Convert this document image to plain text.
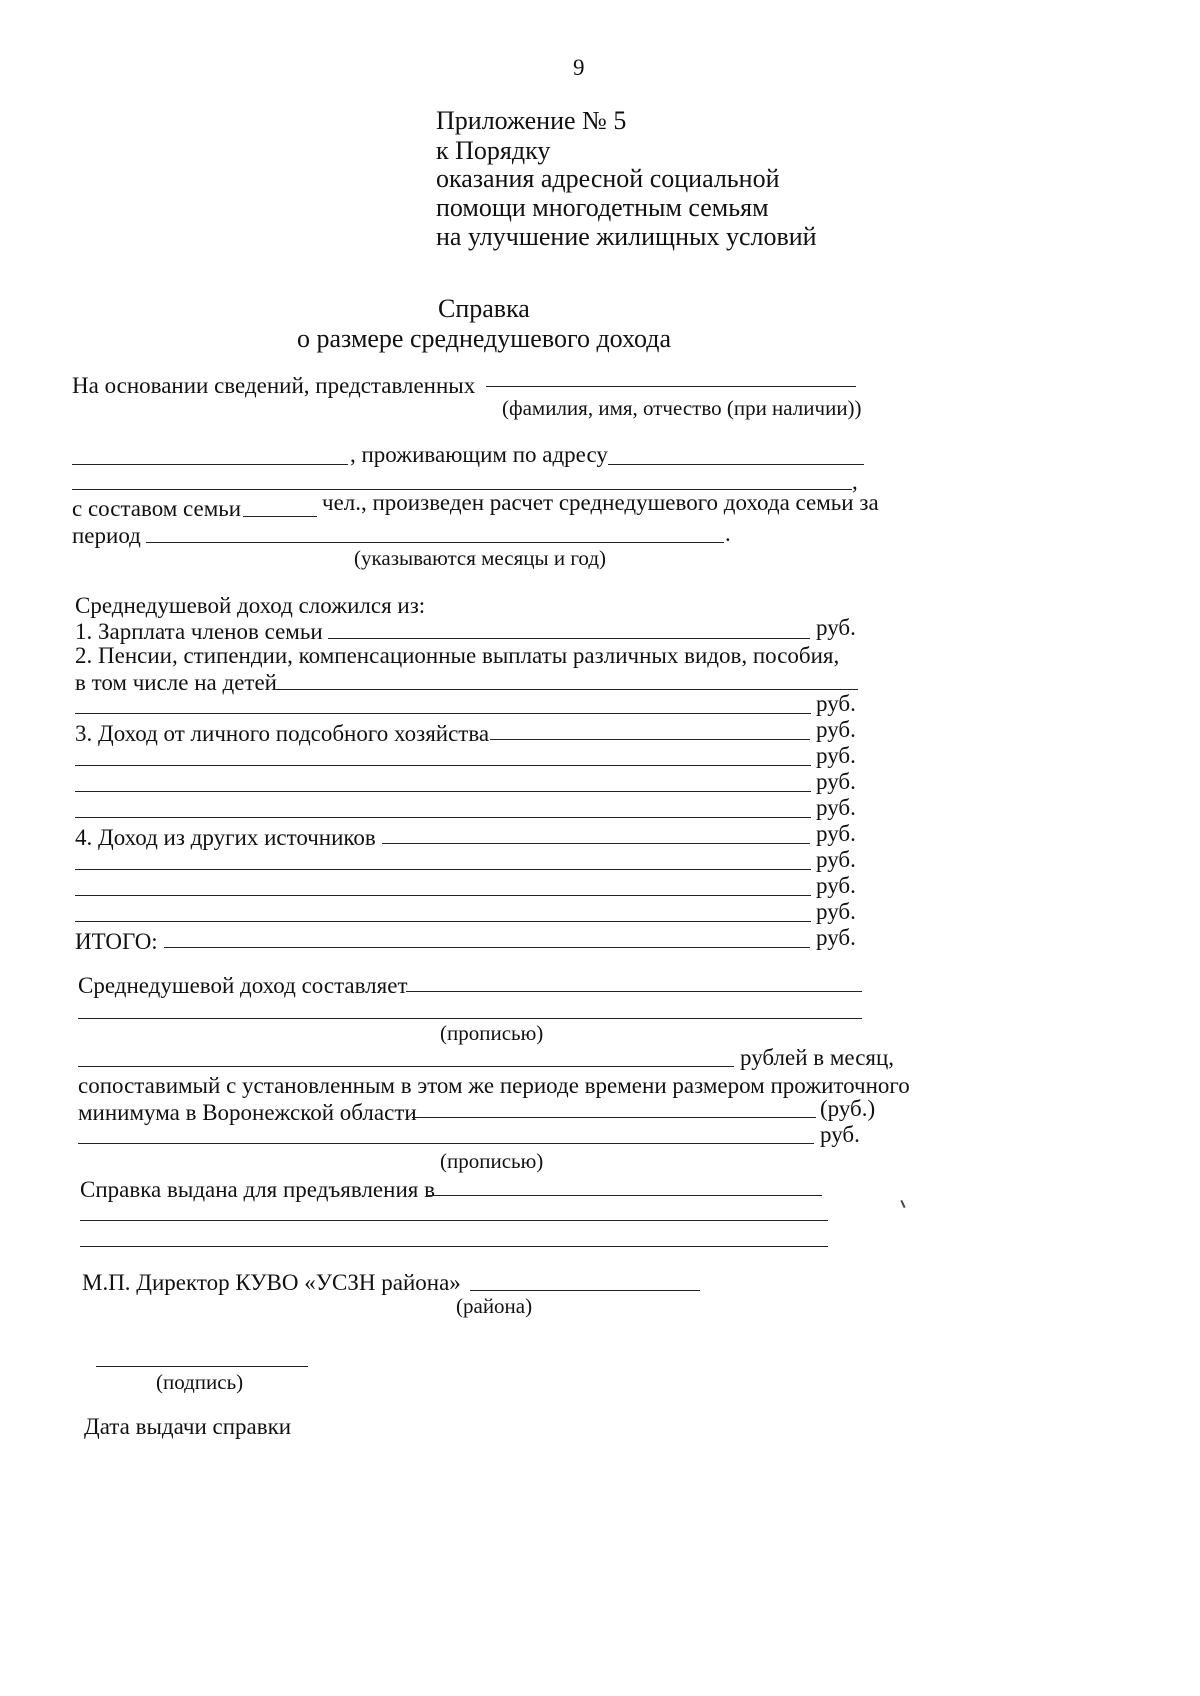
9
Приложение № 5
к Порядку
оказания адресной социальной
помощи многодетным семьям
на улучшение жилищных условий
Справка
о размере среднедушевого дохода
На основании сведений, представленных
(фамилия, имя, отчество (при наличии))
, проживающим по адресу
,
с составом семьи	чел., произведен расчет среднедушевого дохода семьи за
период	.
(указываются месяцы и год)
Среднедушевой доход сложился из:
1. Зарплата членов семьи	руб.
2. Пенсии, стипендии, компенсационные выплаты различных видов, пособия,
в том числе на детей
руб.
3. Доход от личного подсобного хозяйства	руб.
руб.
руб.
руб.
4. Доход из других источников	руб.
руб.
руб.
руб.
ИТОГО:	руб.
Среднедушевой доход составляет
(прописью)
рублей в месяц,
сопоставимый с установленным в этом же периоде времени размером прожиточного
минимума в Воронежской области	(руб.)
руб.
(прописью)
Справка выдана для предъявления в
М.П. Директор КУВО «УСЗН района»
(района)
(подпись)
Дата выдачи справки
